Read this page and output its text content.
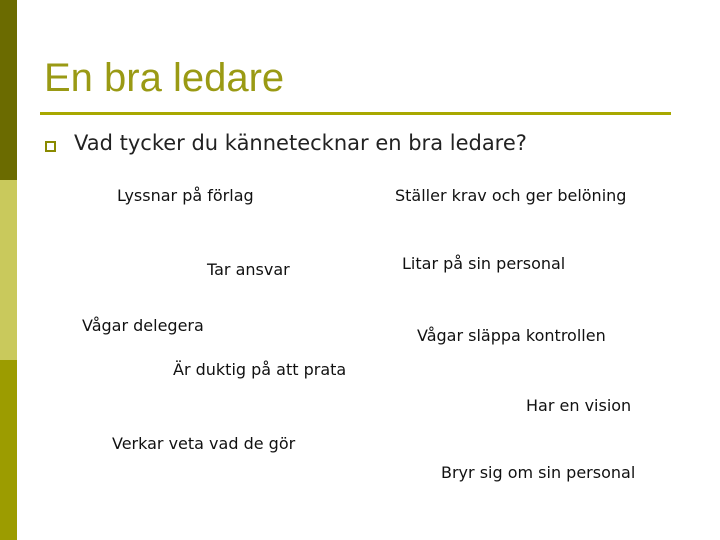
En bra ledare
Vad tycker du kännetecknar en bra ledare?
Lyssnar på förlag	Ställer krav och ger belöning
Tar ansvar	Litar på sin personal
Vågar delegera
Vågar släppa kontrollen
Är duktig på att prata
Har en vision
Verkar veta vad de gör
Bryr sig om sin personal
